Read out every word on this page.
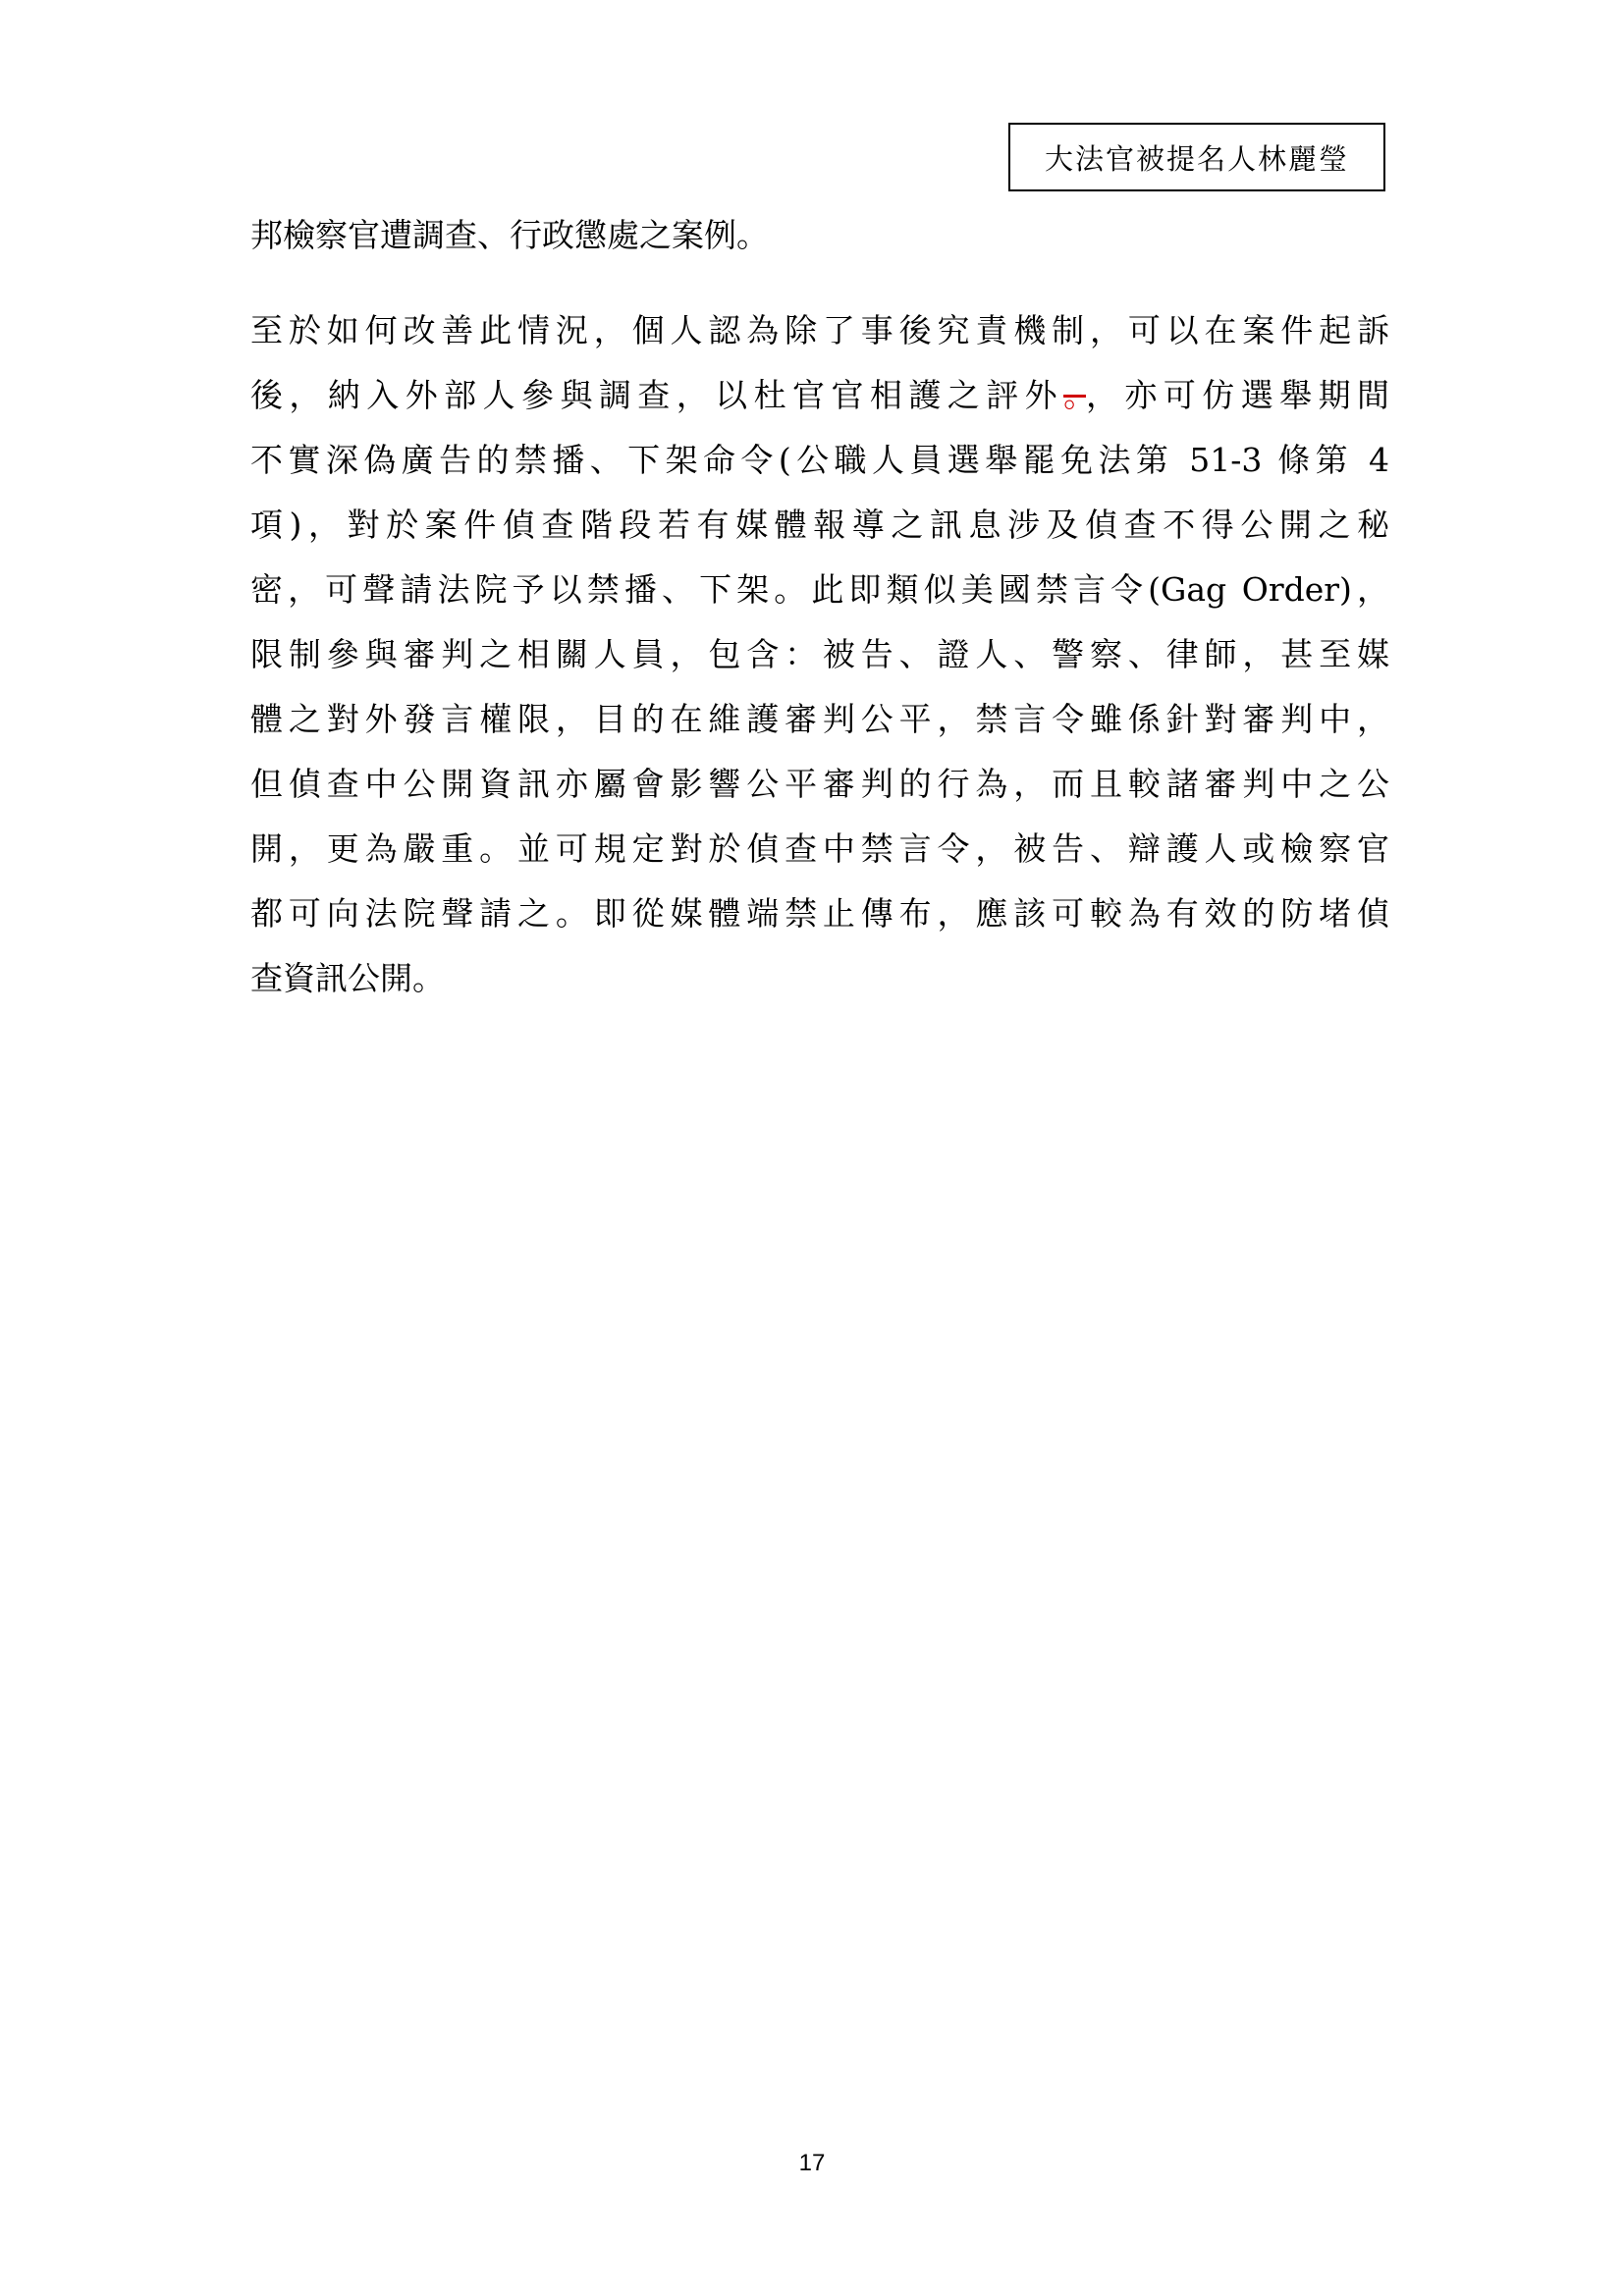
大法官被提名人林麗瑩
邦檢察官遭調查、行政懲處之案例。
至於如何改善此情況，個人認為除了事後究責機制，可以在案件起訴
後，納入外部人參與調查，以杜官官相護之評外。，亦可仿選舉期間
不實深偽廣告的禁播、下架命令(公職人員選舉罷免法第 51-3 條第 4
項)，對於案件偵查階段若有媒體報導之訊息涉及偵查不得公開之秘
密，可聲請法院予以禁播、下架。此即類似美國禁言令(Gag Order)，
限制參與審判之相關人員，包含：被告、證人、警察、律師，甚至媒
體之對外發言權限，目的在維護審判公平，禁言令雖係針對審判中，
但偵查中公開資訊亦屬會影響公平審判的行為，而且較諸審判中之公
開，更為嚴重。並可規定對於偵查中禁言令，被告、辯護人或檢察官
都可向法院聲請之。即從媒體端禁止傳布，應該可較為有效的防堵偵
查資訊公開。
17
